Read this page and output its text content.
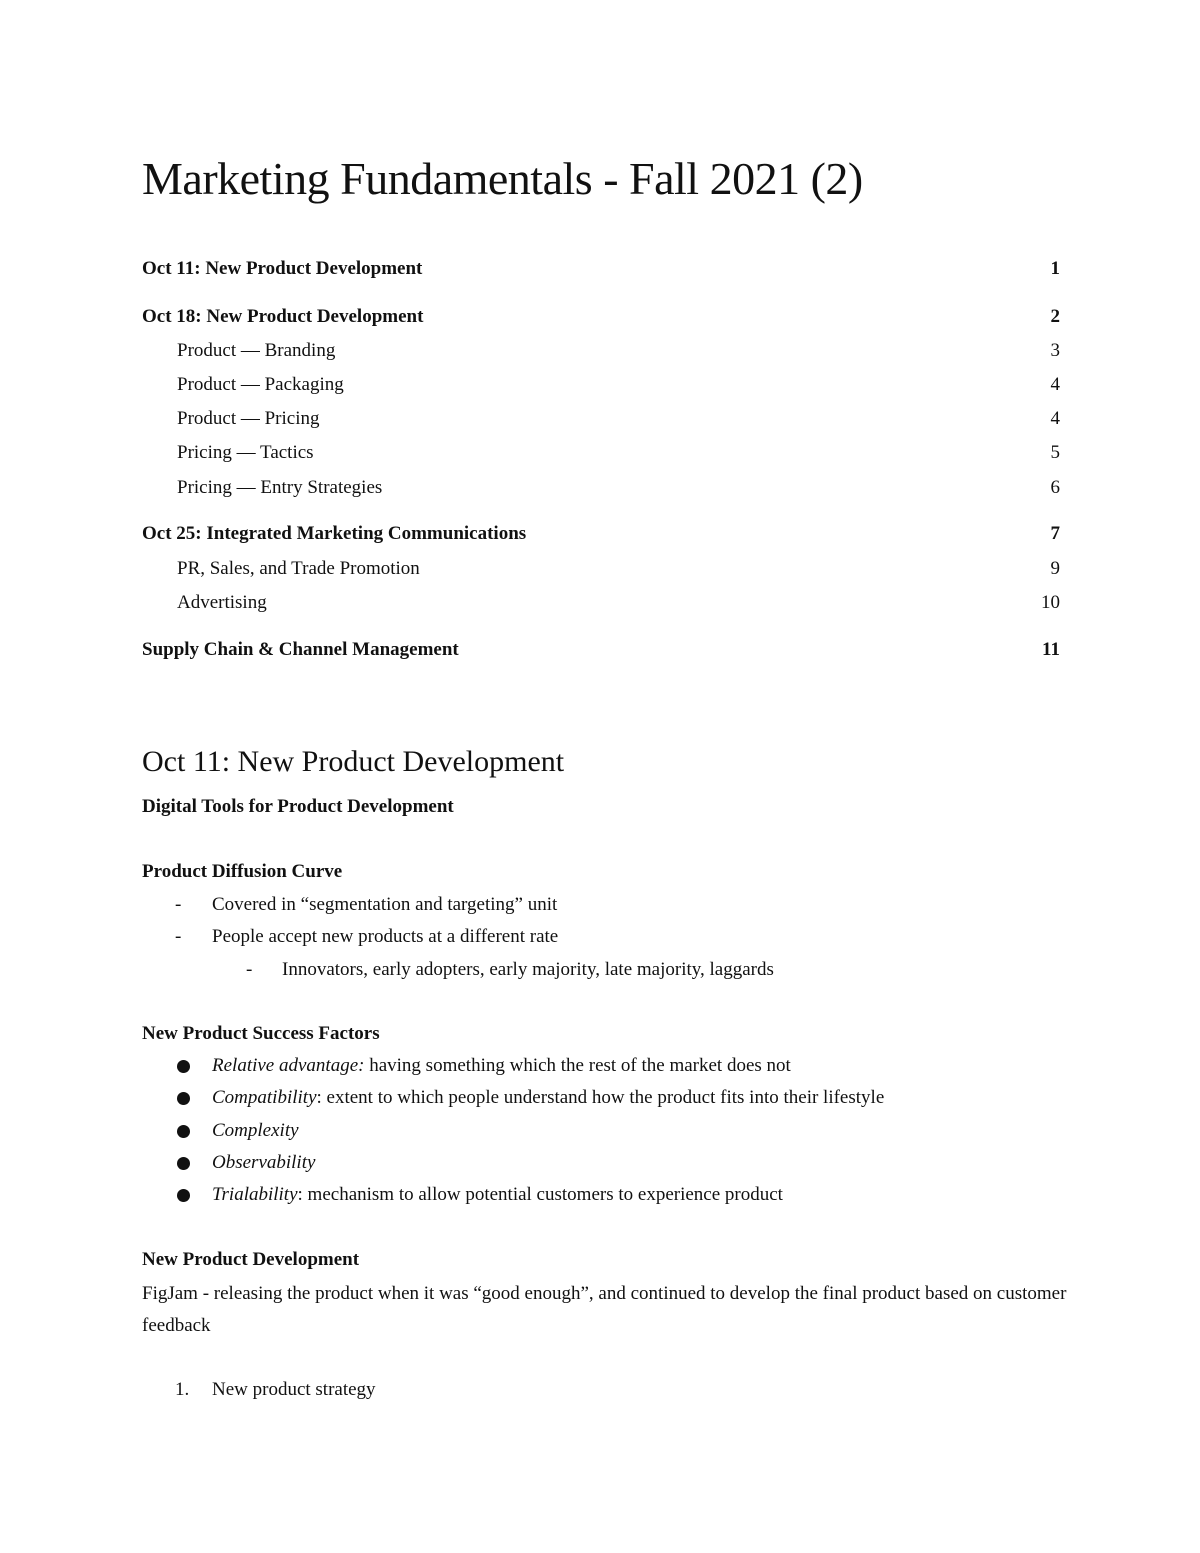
Marketing Fundamentals - Fall 2021 (2)
Oct 11: New Product Development	1
Oct 18: New Product Development	2
Product — Branding	3
Product — Packaging	4
Product — Pricing	4
Pricing — Tactics	5
Pricing — Entry Strategies	6
Oct 25: Integrated Marketing Communications	7
PR, Sales, and Trade Promotion	9
Advertising	10
Supply Chain & Channel Management	11
Oct 11: New Product Development
Digital Tools for Product Development
Product Diffusion Curve
- Covered in “segmentation and targeting” unit
- People accept new products at a different rate
- Innovators, early adopters, early majority, late majority, laggards
New Product Success Factors
Relative advantage: having something which the rest of the market does not
Compatibility: extent to which people understand how the product fits into their lifestyle
Complexity
Observability
Trialability: mechanism to allow potential customers to experience product
New Product Development

FigJam - releasing the product when it was “good enough”, and continued to develop the final product based on customer feedback

1. New product strategy
